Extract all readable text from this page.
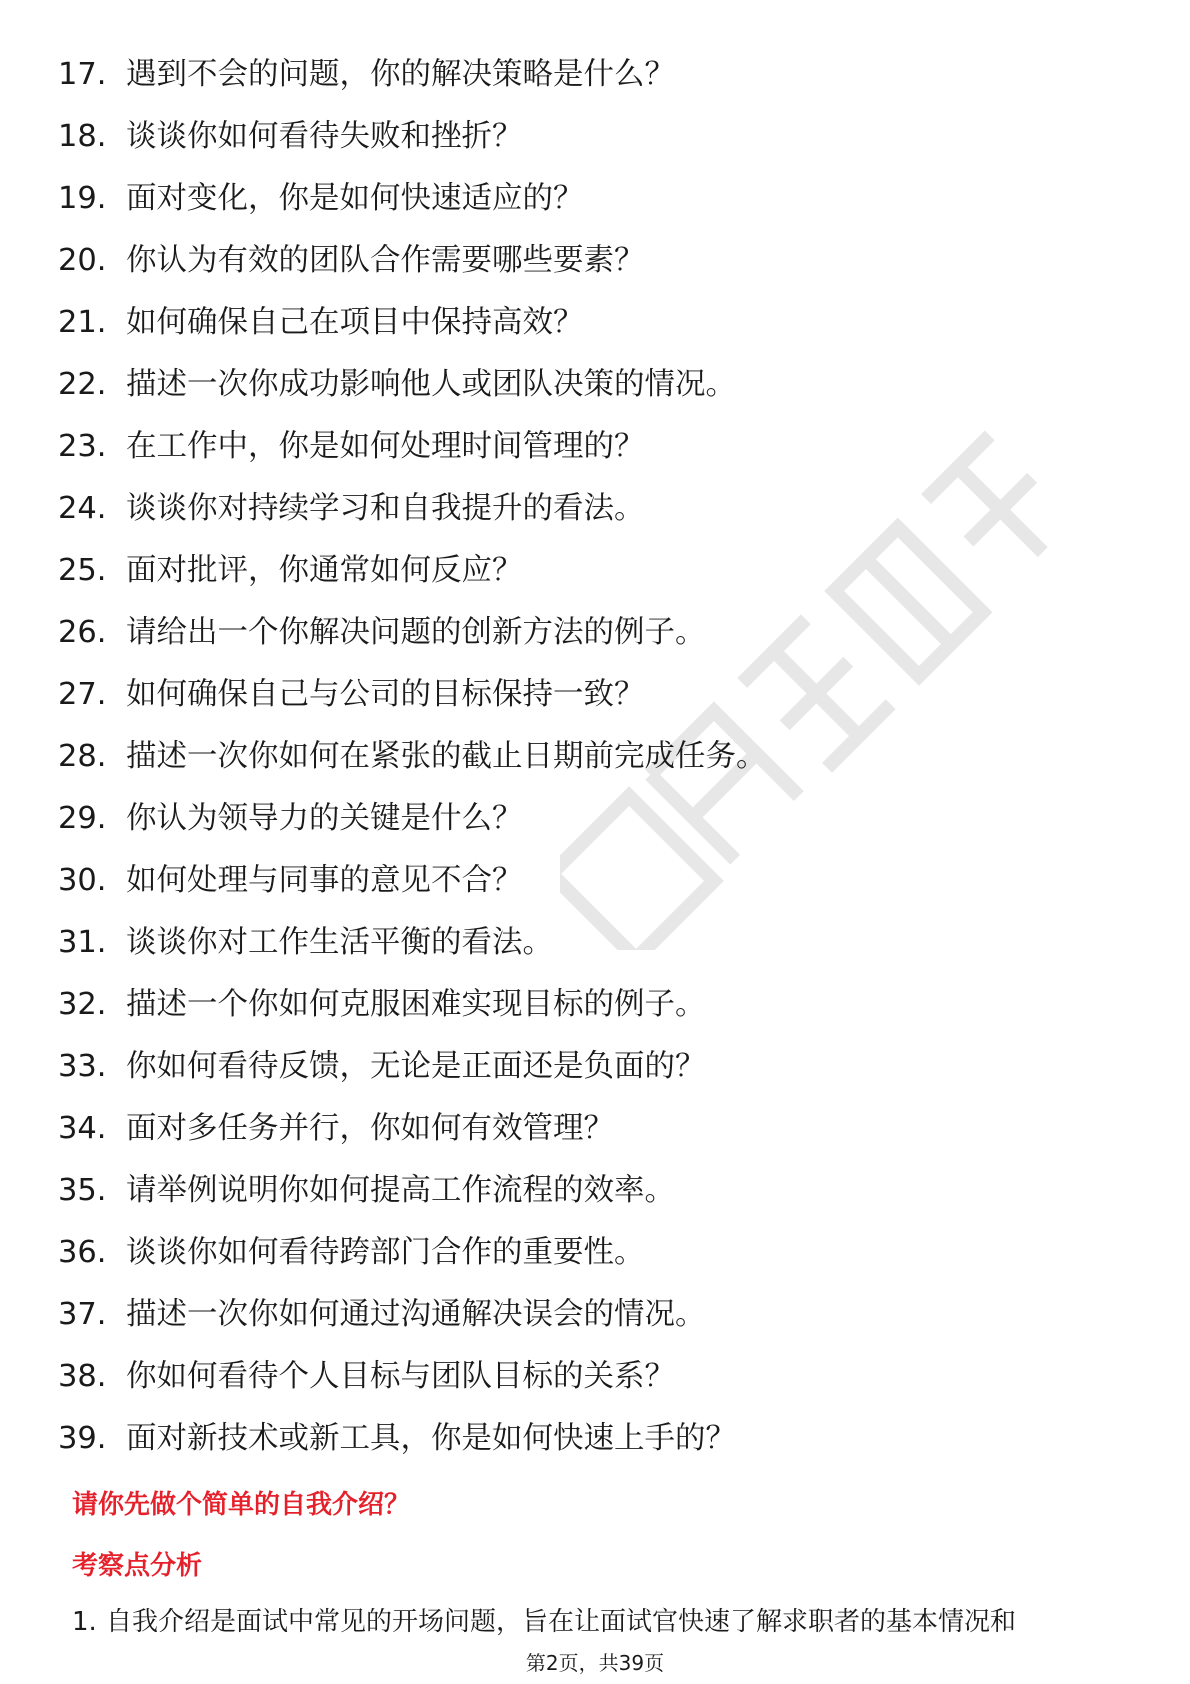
17. 遇到不会的问题，你的解决策略是什么？
18. 谈谈你如何看待失败和挫折？
19. 面对变化，你是如何快速适应的？
20. 你认为有效的团队合作需要哪些要素？
21. 如何确保自己在项目中保持高效？
22. 描述一次你成功影响他人或团队决策的情况。
23. 在工作中，你是如何处理时间管理的？
24. 谈谈你对持续学习和自我提升的看法。
25. 面对批评，你通常如何反应？
26. 请给出一个你解决问题的创新方法的例子。
27. 如何确保自己与公司的目标保持一致？
28. 描述一次你如何在紧张的截止日期前完成任务。
29. 你认为领导力的关键是什么？
30. 如何处理与同事的意见不合？
31. 谈谈你对工作生活平衡的看法。
32. 描述一个你如何克服困难实现目标的例子。
33. 你如何看待反馈，无论是正面还是负面的？
34. 面对多任务并行，你如何有效管理？
35. 请举例说明你如何提高工作流程的效率。
36. 谈谈你如何看待跨部门合作的重要性。
37. 描述一次你如何通过沟通解决误会的情况。
38. 你如何看待个人目标与团队目标的关系？
39. 面对新技术或新工具，你是如何快速上手的？
请你先做个简单的自我介绍？
考察点分析
1. 自我介绍是面试中常见的开场问题，旨在让面试官快速了解求职者的基本情况和
第2页，共39页
